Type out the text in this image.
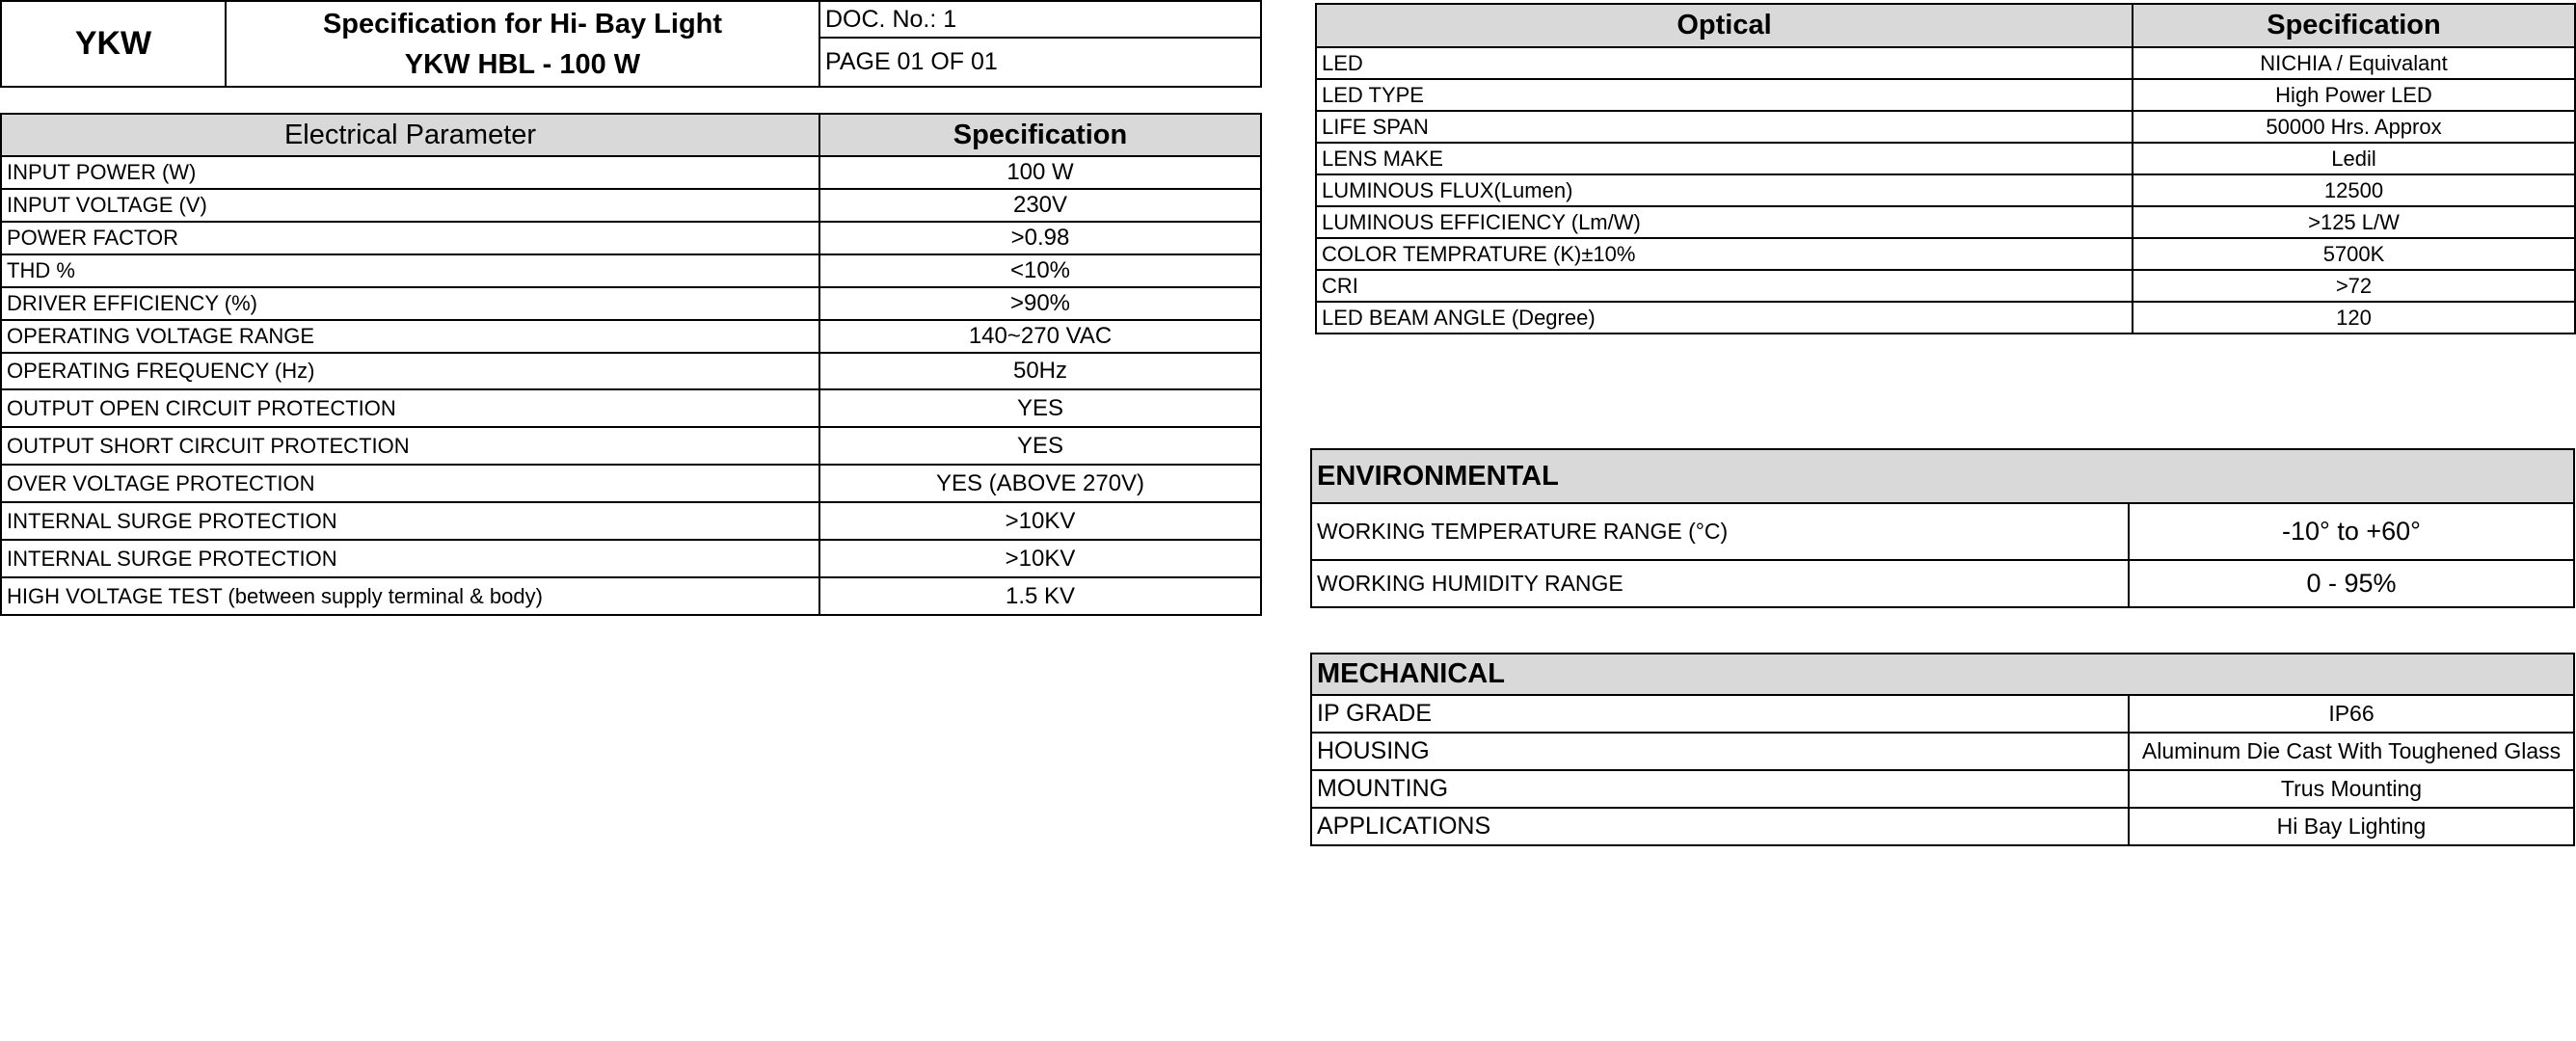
YKW	
Specification for Hi- Bay Light
YKW HBL - 100 W
	DOC. No.: 1
PAGE 01 OF 01
Electrical Parameter	Specification
INPUT POWER (W)	100 W
INPUT VOLTAGE (V)	230V
POWER FACTOR	>0.98
THD %	<10%
DRIVER EFFICIENCY (%)	>90%
OPERATING VOLTAGE RANGE	140~270 VAC
OPERATING FREQUENCY (Hz)	50Hz
OUTPUT OPEN CIRCUIT PROTECTION	YES
OUTPUT SHORT CIRCUIT PROTECTION	YES
OVER VOLTAGE PROTECTION	YES (ABOVE 270V)
INTERNAL SURGE PROTECTION	>10KV
INTERNAL SURGE PROTECTION	>10KV
HIGH VOLTAGE TEST (between supply terminal & body)	1.5 KV
Optical	Specification
LED	NICHIA / Equivalant
LED TYPE	High Power LED
LIFE SPAN	50000 Hrs. Approx
LENS MAKE	Ledil
LUMINOUS FLUX(Lumen)	12500
LUMINOUS EFFICIENCY (Lm/W)	>125 L/W
COLOR TEMPRATURE (K)±10%	5700K
CRI	>72
LED BEAM ANGLE (Degree)	120
ENVIRONMENTAL	
WORKING TEMPERATURE RANGE (°C)	-10° to +60°
WORKING HUMIDITY RANGE	0 - 95%
MECHANICAL	
IP GRADE	IP66
HOUSING	Aluminum Die Cast With Toughened Glass
MOUNTING	Trus Mounting
APPLICATIONS	Hi Bay Lighting
